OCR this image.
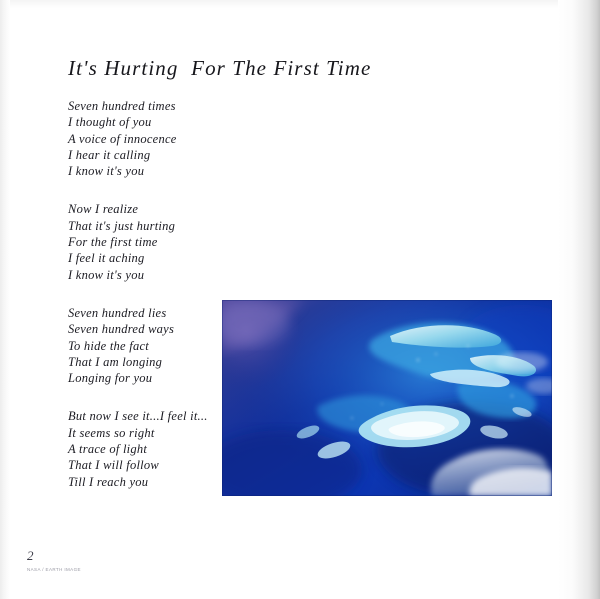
It's Hurting  For The First Time
Seven hundred times
I thought of you
A voice of innocence
I hear it calling
I know it's you
Now I realize
That it's just hurting
For the first time
I feel it aching
I know it's you
Seven hundred lies
Seven hundred ways
To hide the fact
That I am longing
Longing for you
But now I see it...I feel it...
It seems so right
A trace of light
That I will follow
Till I reach you
2
NASA / EARTH IMAGE
